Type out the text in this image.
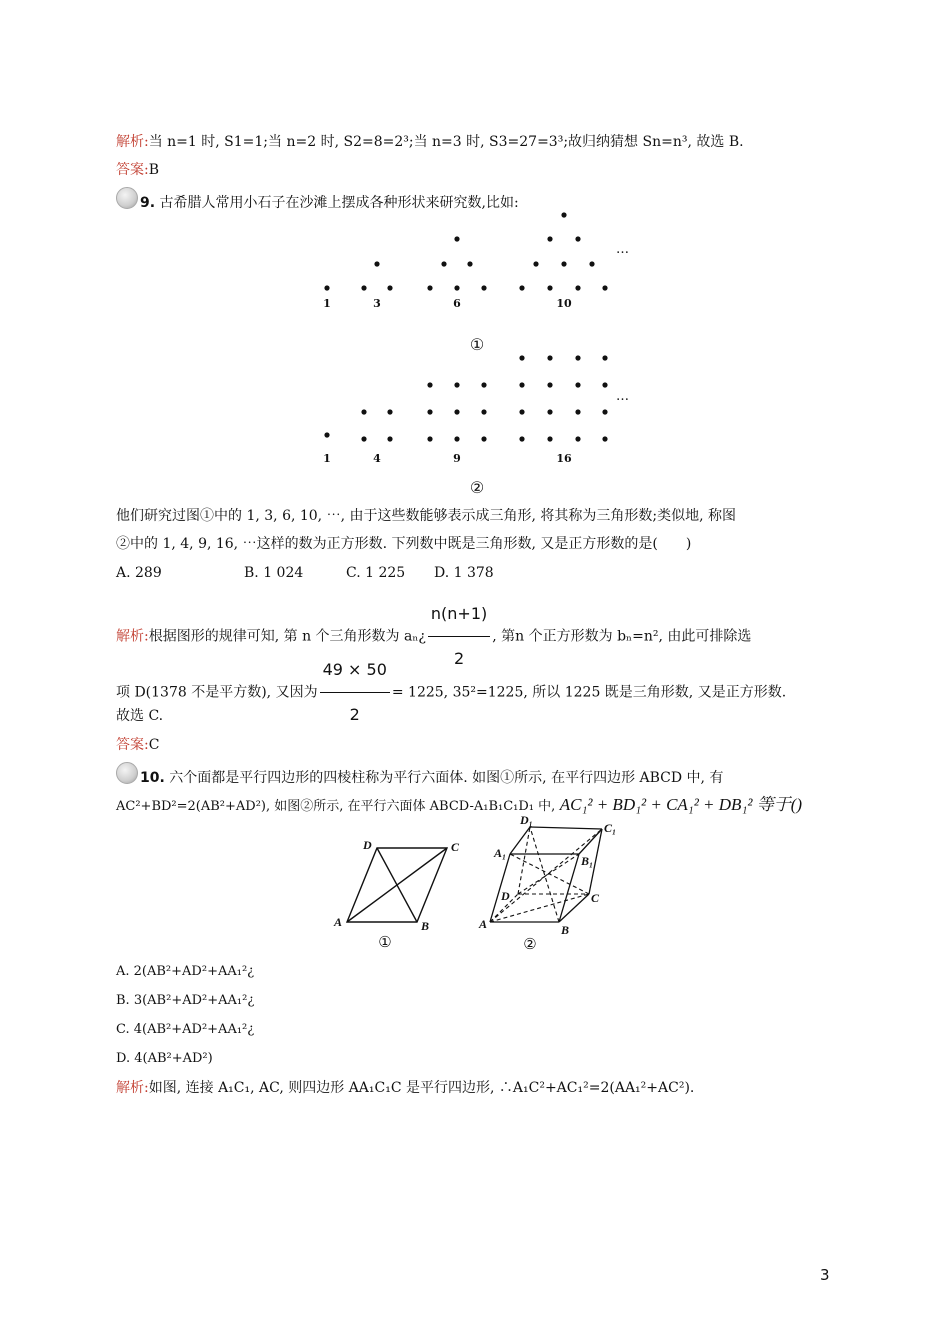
解析:当 n=1 时, S1=1;当 n=2 时, S2=8=2³;当 n=3 时, S3=27=3³;故归纳猜想 Sn=n³, 故选 B.
答案:B
9. 古希腊人常用小石子在沙滩上摆成各种形状来研究数,比如:
1	3	6	10
…
①
1	4	9	16
…
②
他们研究过图①中的 1, 3, 6, 10, ⋯, 由于这些数能够表示成三角形, 将其称为三角形数;类似地, 称图
②中的 1, 4, 9, 16, ⋯这样的数为正方形数. 下列数中既是三角形数, 又是正方形数的是(　　)
A. 289	B. 1 024	C. 1 225 D. 1 378
解析:根据图形的规律可知, 第 n 个三角形数为 aₙ¿ $\frac{n(n+1)}{2}$ , 第n 个正方形数为 bₙ=n², 由此可排除选
项 D(1378 不是平方数), 又因为 $\frac{49 \times 50}{2} = 1225$, 35²=1225, 所以 1225 既是三角形数, 又是正方形数.
故选 C.
答案:C
10. 六个面都是平行四边形的四棱柱称为平行六面体. 如图①所示, 在平行四边形 ABCD 中, 有
AC²+BD²=2(AB²+AD²), 如图②所示, 在平行六面体 ABCD-A₁B₁C₁D₁ 中, AC₁² + BD₁² + CA₁² + DB₁² 等于()
A	B
C
D
①
A	B
C
D
A₁
B₁
C₁
D₁
②
A. 2(AB²+AD²+AA₁²¿
B. 3(AB²+AD²+AA₁²¿
C. 4(AB²+AD²+AA₁²¿
D. 4(AB²+AD²)
解析:如图, 连接 A₁C₁, AC, 则四边形 AA₁C₁C 是平行四边形, ∴A₁C²+AC₁²=2(AA₁²+AC²).
3
